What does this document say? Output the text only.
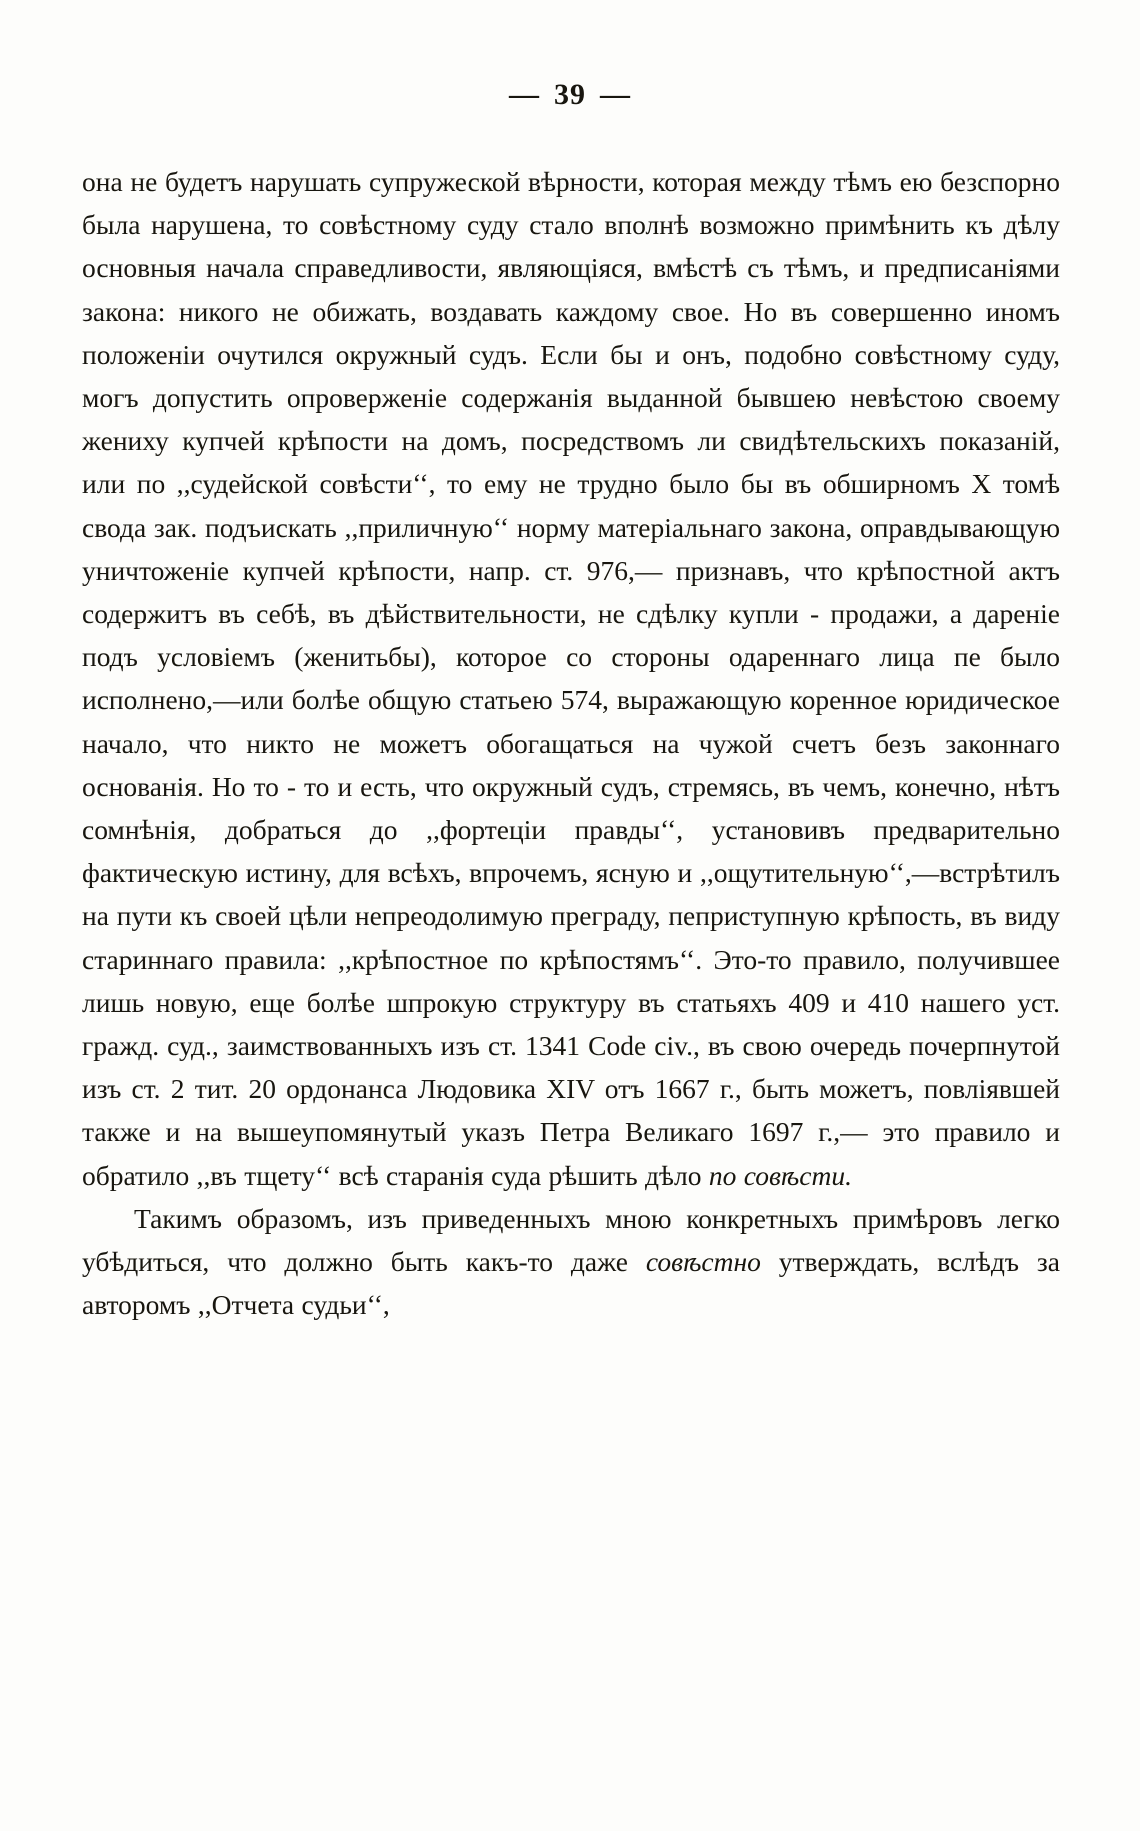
— 39 —

она не будетъ нарушать супружеской вѣрности, которая между тѣмъ ею безспорно была нарушена, то совѣстному суду стало вполнѣ возможно примѣнить къ дѣлу основныя начала справедливости, являющіяся, вмѣстѣ съ тѣмъ, и предписаніями закона: никого не обижать, воздавать каждому свое. Но въ совершенно иномъ положеніи очутился окружный судъ. Если бы и онъ, подобно совѣстному суду, могъ допустить опроверженіе содержанія выданной бывшею невѣстою своему жениху купчей крѣпости на домъ, посредствомъ ли свидѣтельскихъ показаній, или по ,,судейской совѣсти‘‘, то ему не трудно было бы въ обширномъ X томѣ свода зак. подъискать ,,приличную‘‘ норму матеріальнаго закона, оправдывающую уничтоженіе купчей крѣпости, напр. ст. 976,— признавъ, что крѣпостной актъ содержитъ въ себѣ, въ дѣйствительности, не сдѣлку купли - продажи, а дареніе подъ условіемъ (женитьбы), которое со стороны одареннаго лица пе было исполнено,—или болѣе общую статьею 574, выражающую коренное юридическое начало, что никто не можетъ обогащаться на чужой счетъ безъ законнаго основанія. Но то - то и есть, что окружный судъ, стремясь, въ чемъ, конечно, нѣтъ сомнѣнія, добраться до ,,фортеціи правды‘‘, установивъ предварительно фактическую истину, для всѣхъ, впрочемъ, ясную и ,,ощутительную‘‘,—встрѣтилъ на пути къ своей цѣли непреодолимую преграду, пеприступную крѣпость, въ виду стариннаго правила: ,,крѣпостное по крѣпостямъ‘‘. Это-то правило, получившее лишь новую, еще болѣе шпрокую структуру въ статьяхъ 409 и 410 нашего уст. гражд. суд., заимствованныхъ изъ ст. 1341 Code civ., въ свою очередь почерпнутой изъ ст. 2 тит. 20 ордонанса Людовика XIV отъ 1667 г., быть можетъ, повліявшей также и на вышеупомянутый указъ Петра Великаго 1697 г.,— это правило и обратило ,,въ тщету‘‘ всѣ старанія суда рѣшить дѣло по совѣсти.

Такимъ образомъ, изъ приведенныхъ мною конкретныхъ примѣровъ легко убѣдиться, что должно быть какъ-то даже совѣстно утверждать, вслѣдъ за авторомъ ,,Отчета судьи‘‘,
